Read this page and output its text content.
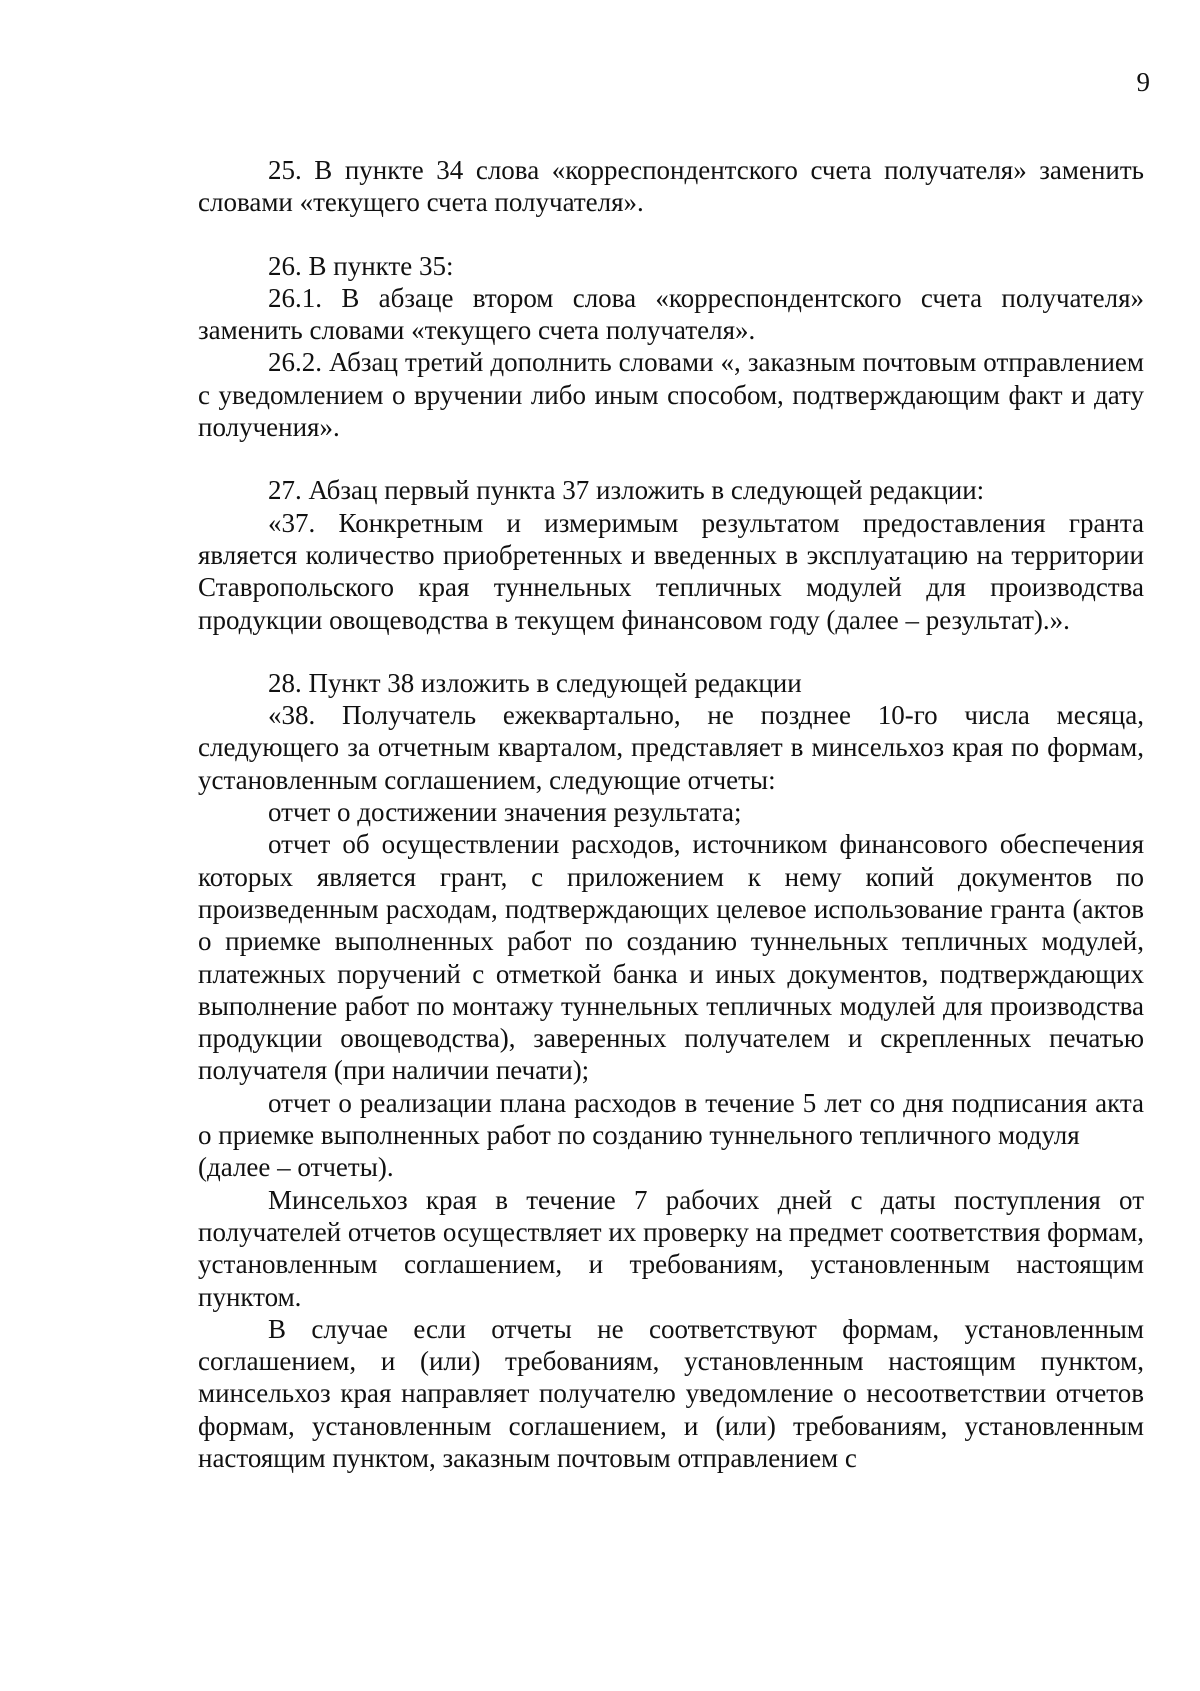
9

25. В пункте 34 слова «корреспондентского счета получателя» заменить словами «текущего счета получателя».

26. В пункте 35:

26.1. В абзаце втором слова «корреспондентского счета получателя» заменить словами «текущего счета получателя».

26.2. Абзац третий дополнить словами «, заказным почтовым отправлением с уведомлением о вручении либо иным способом, подтверждающим факт и дату получения».

27. Абзац первый пункта 37 изложить в следующей редакции:

«37. Конкретным и измеримым результатом предоставления гранта является количество приобретенных и введенных в эксплуатацию на территории Ставропольского края туннельных тепличных модулей для производства продукции овощеводства в текущем финансовом году (далее – результат).».

28. Пункт 38 изложить в следующей редакции

«38. Получатель ежеквартально, не позднее 10-го числа месяца, следующего за отчетным кварталом, представляет в минсельхоз края по формам, установленным соглашением, следующие отчеты:

отчет о достижении значения результата;

отчет об осуществлении расходов, источником финансового обеспечения которых является грант, с приложением к нему копий документов по произведенным расходам, подтверждающих целевое использование гранта (актов о приемке выполненных работ по созданию туннельных тепличных модулей, платежных поручений с отметкой банка и иных документов, подтверждающих выполнение работ по монтажу туннельных тепличных модулей для производства продукции овощеводства), заверенных получателем и скрепленных печатью получателя (при наличии печати);

отчет о реализации плана расходов в течение 5 лет со дня подписания акта о приемке выполненных работ по созданию туннельного тепличного модуля

(далее – отчеты).

Минсельхоз края в течение 7 рабочих дней с даты поступления от получателей отчетов осуществляет их проверку на предмет соответствия формам, установленным соглашением, и требованиям, установленным настоящим пунктом.

В случае если отчеты не соответствуют формам, установленным соглашением, и (или) требованиям, установленным настоящим пунктом, минсельхоз края направляет получателю уведомление о несоответствии отчетов формам, установленным соглашением, и (или) требованиям, установленным настоящим пунктом, заказным почтовым отправлением с
